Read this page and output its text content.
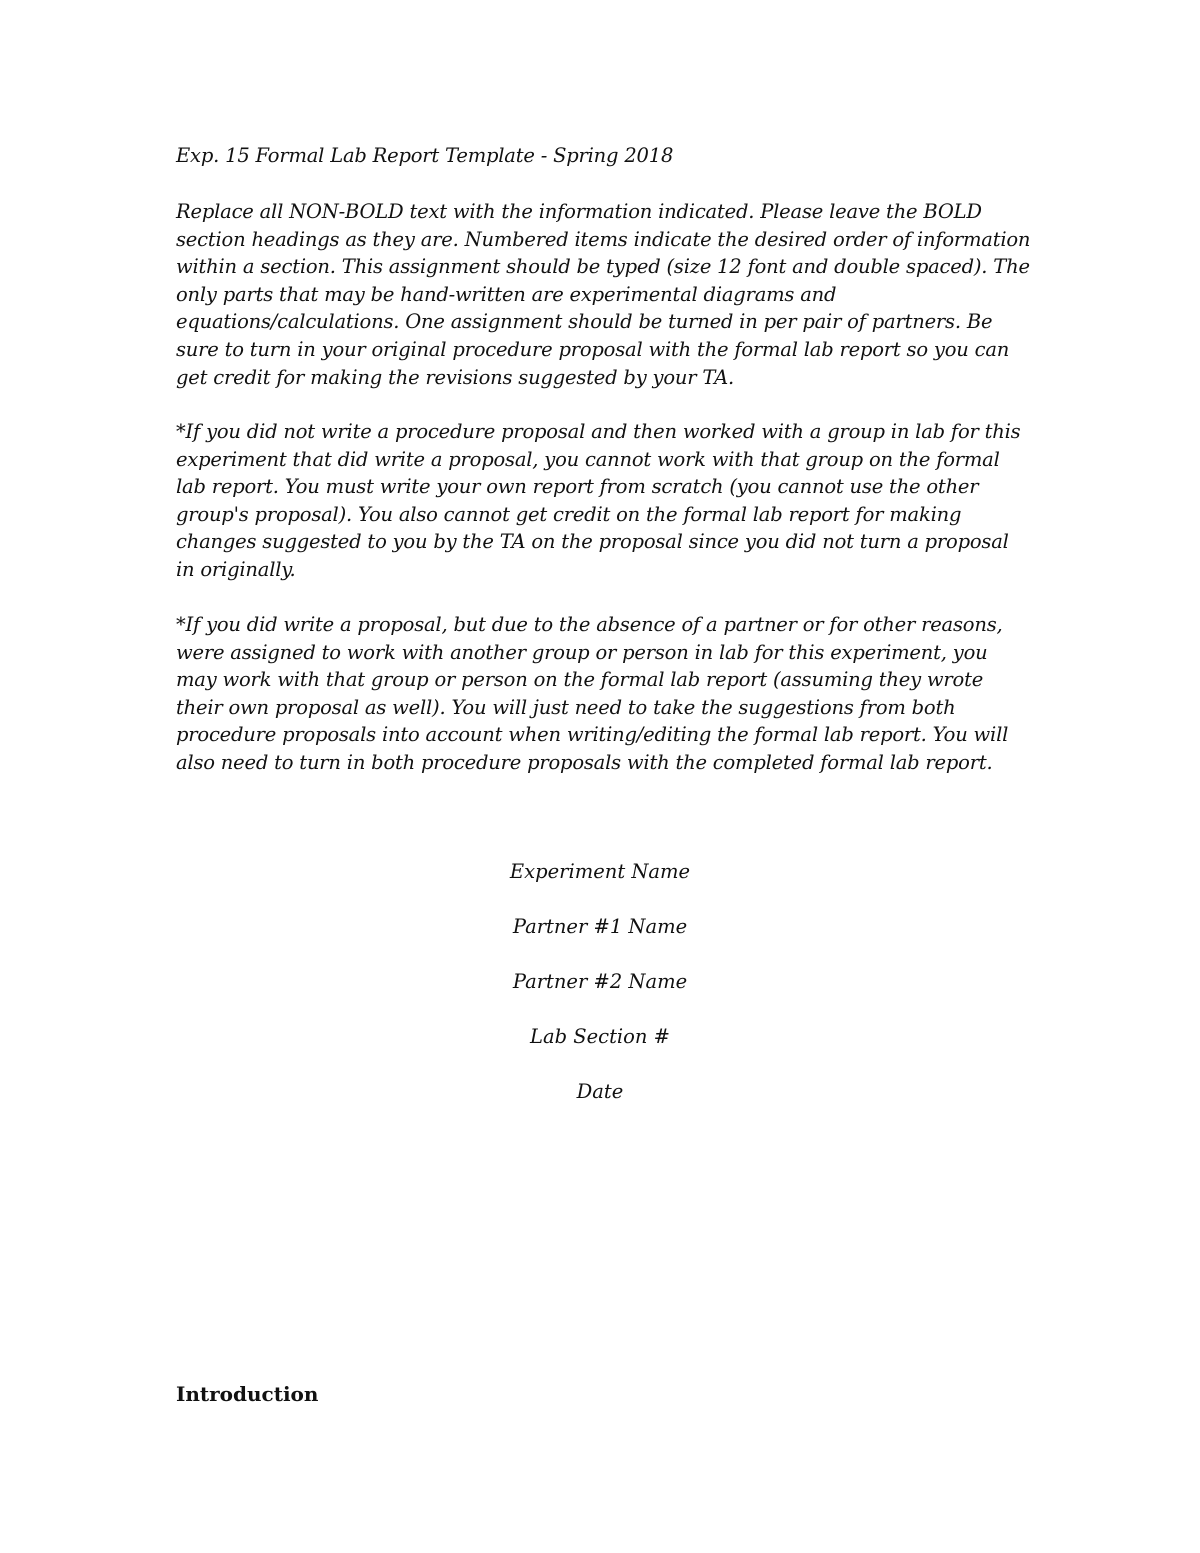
Exp. 15 Formal Lab Report Template - Spring 2018
Replace all NON-BOLD text with the information indicated. Please leave the BOLD
section headings as they are. Numbered items indicate the desired order of information
within a section. This assignment should be typed (size 12 font and double spaced). The
only parts that may be hand-written are experimental diagrams and
equations/calculations. One assignment should be turned in per pair of partners. Be
sure to turn in your original procedure proposal with the formal lab report so you can
get credit for making the revisions suggested by your TA.
*If you did not write a procedure proposal and then worked with a group in lab for this
experiment that did write a proposal, you cannot work with that group on the formal
lab report. You must write your own report from scratch (you cannot use the other
group's proposal). You also cannot get credit on the formal lab report for making
changes suggested to you by the TA on the proposal since you did not turn a proposal
in originally.
*If you did write a proposal, but due to the absence of a partner or for other reasons,
were assigned to work with another group or person in lab for this experiment, you
may work with that group or person on the formal lab report (assuming they wrote
their own proposal as well). You will just need to take the suggestions from both
procedure proposals into account when writing/editing the formal lab report. You will
also need to turn in both procedure proposals with the completed formal lab report.
Experiment Name
Partner #1 Name
Partner #2 Name
Lab Section #
Date
Introduction
